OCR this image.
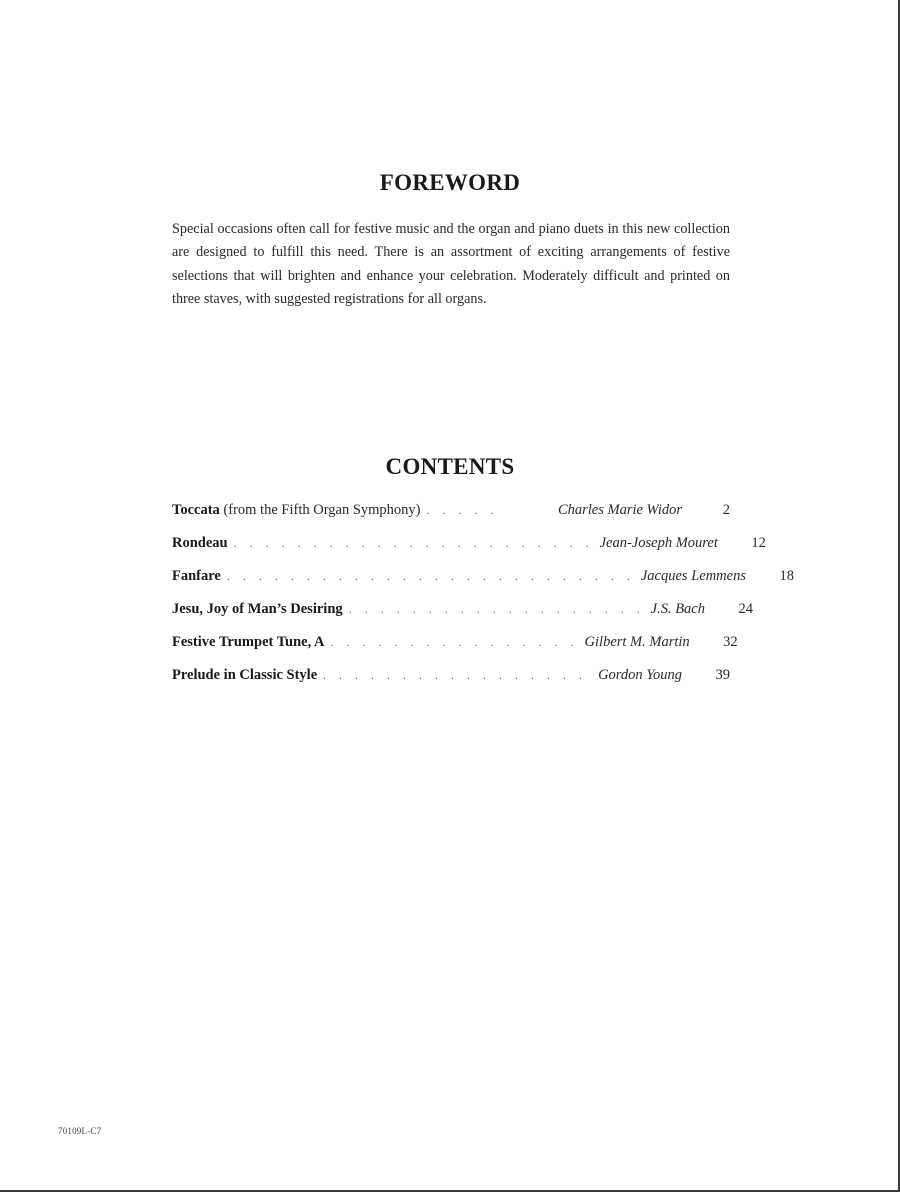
FOREWORD
Special occasions often call for festive music and the organ and piano duets in this new collection are designed to fulfill this need. There is an assortment of exciting arrangements of festive selections that will brighten and enhance your celebration. Moderately difficult and printed on three staves, with suggested registrations for all organs.
CONTENTS
Toccata (from the Fifth Organ Symphony) . . . . .	Charles Marie Widor	2
Rondeau . . . . . . . . . . . . . . . . . . . . . . . Jean-Joseph Mouret	12
Fanfare . . . . . . . . . . . . . . . . . . . . . . . . . . Jacques Lemmens	18
Jesu, Joy of Man’s Desiring . . . . . . . . . . . . . . . . . . . J.S. Bach	24
Festive Trumpet Tune, A . . . . . . . . . . . . . . . . Gilbert M. Martin	32
Prelude in Classic Style . . . . . . . . . . . . . . . . . Gordon Young	39
70109L-C7
